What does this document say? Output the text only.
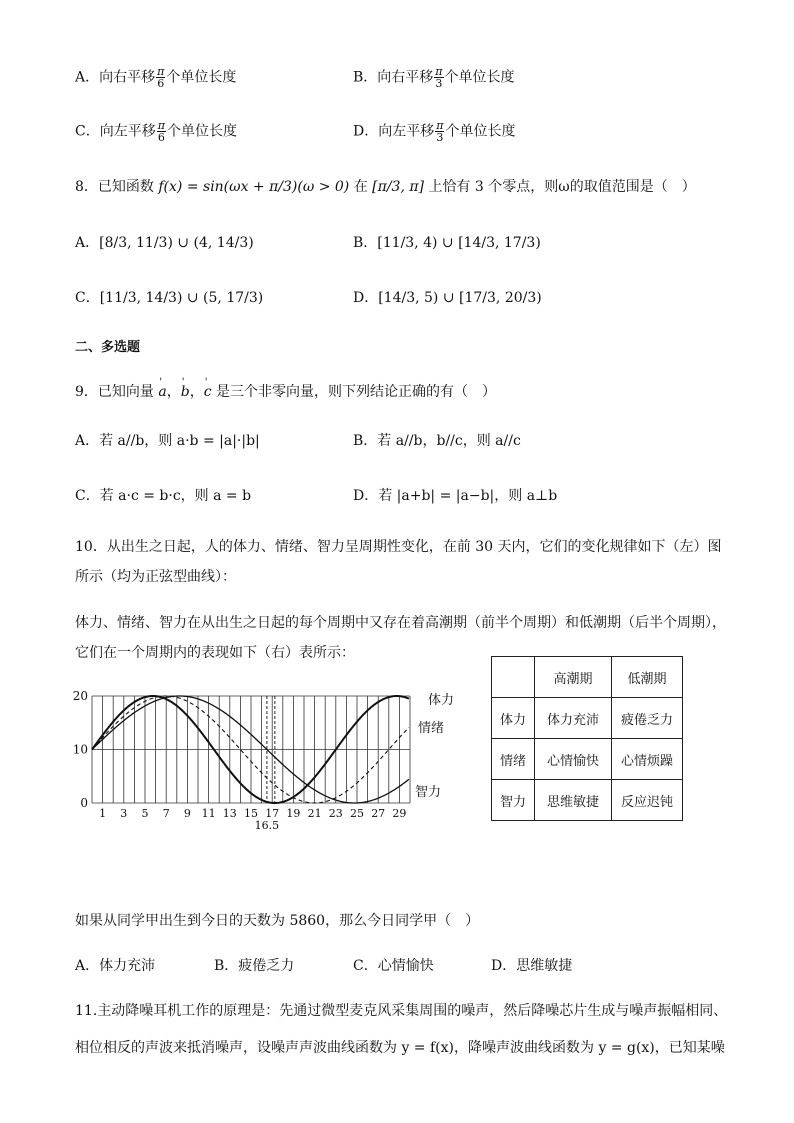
A．向右平移 $\frac{\pi}{6}$ 个单位长度	B．向右平移 $\frac{\pi}{3}$ 个单位长度
C．向左平移 $\frac{\pi}{6}$ 个单位长度	D．向左平移 $\frac{\pi}{3}$ 个单位长度
8．已知函数 f(x) = sin(ωx + π/3)(ω > 0) 在 [π/3, π] 上恰有 3 个零点，则ω的取值范围是（　）
A．[8/3, 11/3) ∪ (4, 14/3)	B．[11/3, 4) ∪ [14/3, 17/3)
C．[11/3, 14/3) ∪ (5, 17/3)	D．[14/3, 5) ∪ [17/3, 20/3)
二、多选题
9．已知向量 ' a，' b，' c 是三个非零向量，则下列结论正确的有（　）
A．若 a//b，则 a·b = |a|·|b|	B．若 a//b，b//c，则 a//c
C．若 a·c = b·c，则 a = b	D．若 |a+b| = |a−b|，则 a⊥b
10．从出生之日起，人的体力、情绪、智力呈周期性变化，在前 30 天内，它们的变化规律如下（左）图
所示（均为正弦型曲线）：
体力、情绪、智力在从出生之日起的每个周期中又存在着高潮期（前半个周期）和低潮期（后半个周期），
它们在一个周期内的表现如下（右）表所示：
0
10
20
1 3 5 7 9 11 13 15 17 19 21 23 25 27 29
16.5
体力
情绪
智力
	高潮期	低潮期
体力	体力充沛	疲倦乏力
情绪	心情愉快	心情烦躁
智力	思维敏捷	反应迟钝
如果从同学甲出生到今日的天数为 5860，那么今日同学甲（　）
A．体力充沛	B．疲倦乏力	C．心情愉快	D．思维敏捷
11.主动降噪耳机工作的原理是：先通过微型麦克风采集周围的噪声，然后降噪芯片生成与噪声振幅相同、
相位相反的声波来抵消噪声，设噪声声波曲线函数为 y = f(x)，降噪声波曲线函数为 y = g(x)，已知某噪
